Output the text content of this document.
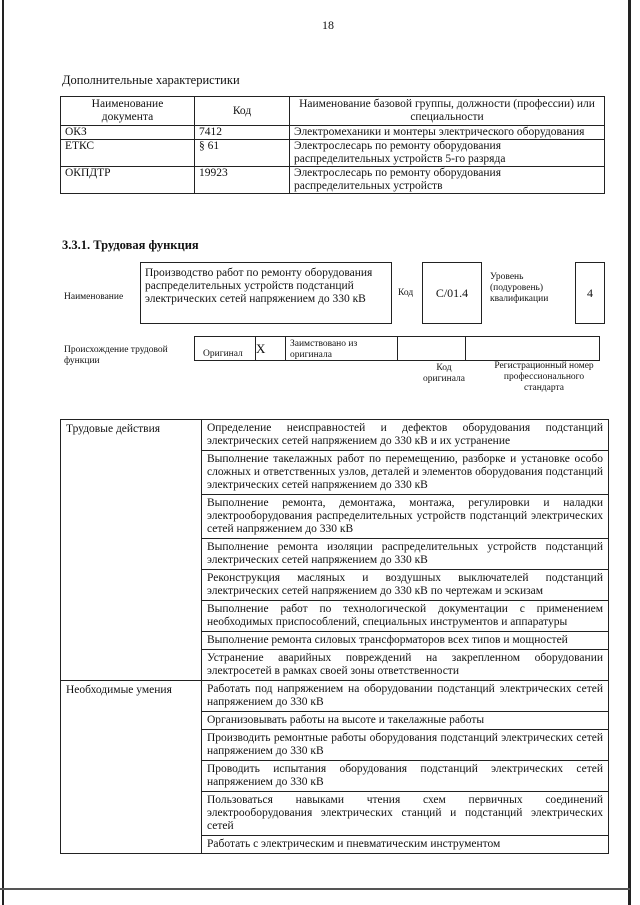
18
Дополнительные характеристики
Наименование документа	Код	Наименование базовой группы, должности (профессии) или специальности
ОКЗ	7412	Электромеханики и монтеры электрического оборудования
ЕТКС	§ 61	Электрослесарь по ремонту оборудования распределительных устройств 5-го разряда
ОКПДТР	19923	Электрослесарь по ремонту оборудования распределительных устройств
3.3.1. Трудовая функция
Наименование
Производство работ по ремонту оборудования распределительных устройств подстанций электрических сетей напряжением до 330 кВ	Код	С/01.4
Уровень (подуровень) квалификации	4
Происхождение трудовой функции
Оригинал	X	Заимствовано из оригинала
Код оригинала
Регистрационный номер профессионального стандарта
Трудовые действия	Определение неисправностей и дефектов оборудования подстанций электрических сетей напряжением до 330 кВ и их устранение
	Выполнение такелажных работ по перемещению, разборке и установке особо сложных и ответственных узлов, деталей и элементов оборудования подстанций электрических сетей напряжением до 330 кВ
	Выполнение ремонта, демонтажа, монтажа, регулировки и наладки электрооборудования распределительных устройств подстанций электрических сетей напряжением до 330 кВ
	Выполнение ремонта изоляции распределительных устройств подстанций электрических сетей напряжением до 330 кВ
	Реконструкция масляных и воздушных выключателей подстанций электрических сетей напряжением до 330 кВ по чертежам и эскизам
	Выполнение работ по технологической документации с применением необходимых приспособлений, специальных инструментов и аппаратуры
	Выполнение ремонта силовых трансформаторов всех типов и мощностей
	Устранение аварийных повреждений на закрепленном оборудовании электросетей в рамках своей зоны ответственности
Необходимые умения	Работать под напряжением на оборудовании подстанций электрических сетей напряжением до 330 кВ
	Организовывать работы на высоте и такелажные работы
	Производить ремонтные работы оборудования подстанций электрических сетей напряжением до 330 кВ
	Проводить испытания оборудования подстанций электрических сетей напряжением до 330 кВ
	Пользоваться навыками чтения схем первичных соединений электрооборудования электрических станций и подстанций электрических сетей
	Работать с электрическим и пневматическим инструментом
